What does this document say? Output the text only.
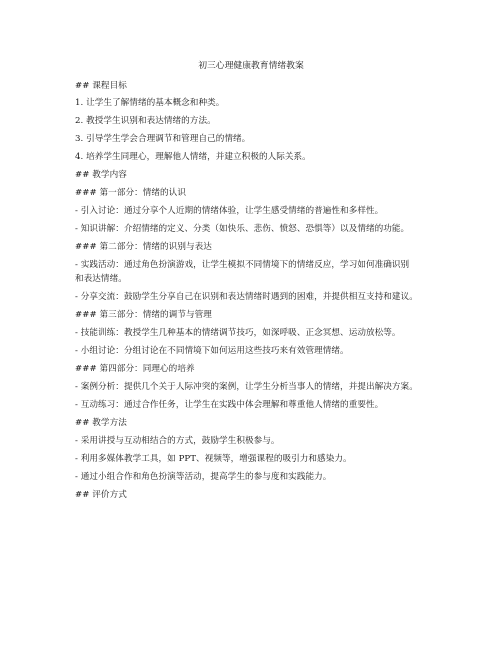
初三心理健康教育情绪教案
## 课程目标
1. 让学生了解情绪的基本概念和种类。
2. 教授学生识别和表达情绪的方法。
3. 引导学生学会合理调节和管理自己的情绪。
4. 培养学生同理心，理解他人情绪，并建立积极的人际关系。
## 教学内容
### 第一部分：情绪的认识
- 引入讨论：通过分享个人近期的情绪体验，让学生感受情绪的普遍性和多样性。
- 知识讲解：介绍情绪的定义、分类（如快乐、悲伤、愤怒、恐惧等）以及情绪的功能。
### 第二部分：情绪的识别与表达
- 实践活动：通过角色扮演游戏，让学生模拟不同情境下的情绪反应，学习如何准确识别
和表达情绪。
- 分享交流：鼓励学生分享自己在识别和表达情绪时遇到的困难，并提供相互支持和建议。
### 第三部分：情绪的调节与管理
- 技能训练：教授学生几种基本的情绪调节技巧，如深呼吸、正念冥想、运动放松等。
- 小组讨论：分组讨论在不同情境下如何运用这些技巧来有效管理情绪。
### 第四部分：同理心的培养
- 案例分析：提供几个关于人际冲突的案例，让学生分析当事人的情绪，并提出解决方案。
- 互动练习：通过合作任务，让学生在实践中体会理解和尊重他人情绪的重要性。
## 教学方法
- 采用讲授与互动相结合的方式，鼓励学生积极参与。
- 利用多媒体教学工具，如 PPT、视频等，增强课程的吸引力和感染力。
- 通过小组合作和角色扮演等活动，提高学生的参与度和实践能力。
## 评价方式
